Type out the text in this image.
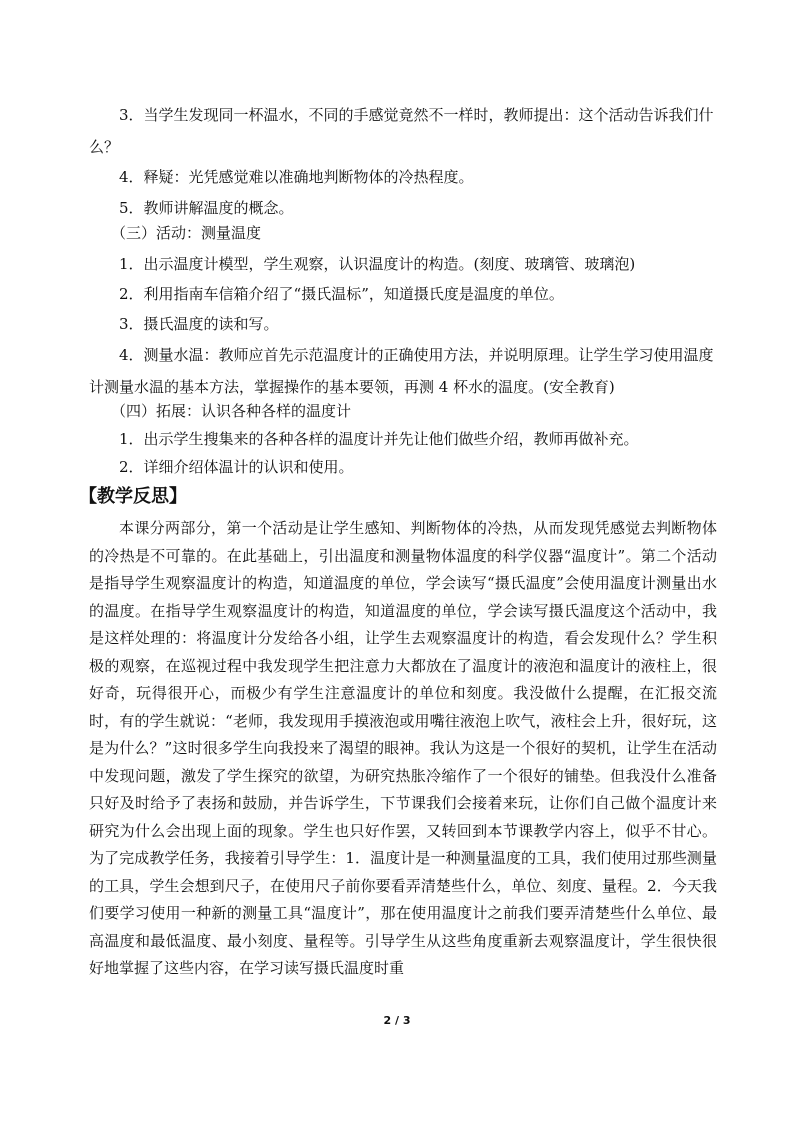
3．当学生发现同一杯温水，不同的手感觉竟然不一样时，教师提出：这个活动告诉我们什么？

4．释疑：光凭感觉难以准确地判断物体的冷热程度。

5．教师讲解温度的概念。

（三）活动：测量温度

1．出示温度计模型，学生观察，认识温度计的构造。(刻度、玻璃管、玻璃泡)

2．利用指南车信箱介绍了“摄氏温标”，知道摄氏度是温度的单位。

3．摄氏温度的读和写。

4．测量水温：教师应首先示范温度计的正确使用方法，并说明原理。让学生学习使用温度计测量水温的基本方法，掌握操作的基本要领，再测 4 杯水的温度。(安全教育)

（四）拓展：认识各种各样的温度计

1．出示学生搜集来的各种各样的温度计并先让他们做些介绍，教师再做补充。

2．详细介绍体温计的认识和使用。

【教学反思】

本课分两部分，第一个活动是让学生感知、判断物体的冷热，从而发现凭感觉去判断物体的冷热是不可靠的。在此基础上，引出温度和测量物体温度的科学仪器“温度计”。第二个活动是指导学生观察温度计的构造，知道温度的单位，学会读写“摄氏温度”会使用温度计测量出水的温度。在指导学生观察温度计的构造，知道温度的单位，学会读写摄氏温度这个活动中，我是这样处理的：将温度计分发给各小组，让学生去观察温度计的构造，看会发现什么？学生积极的观察，在巡视过程中我发现学生把注意力大都放在了温度计的液泡和温度计的液柱上，很好奇，玩得很开心，而极少有学生注意温度计的单位和刻度。我没做什么提醒，在汇报交流时，有的学生就说：“老师，我发现用手摸液泡或用嘴往液泡上吹气，液柱会上升，很好玩，这是为什么？”这时很多学生向我投来了渴望的眼神。我认为这是一个很好的契机，让学生在活动中发现问题，激发了学生探究的欲望，为研究热胀冷缩作了一个很好的铺垫。但我没什么准备只好及时给予了表扬和鼓励，并告诉学生，下节课我们会接着来玩，让你们自己做个温度计来研究为什么会出现上面的现象。学生也只好作罢，又转回到本节课教学内容上，似乎不甘心。为了完成教学任务，我接着引导学生：1．温度计是一种测量温度的工具，我们使用过那些测量的工具，学生会想到尺子，在使用尺子前你要看弄清楚些什么，单位、刻度、量程。2．今天我们要学习使用一种新的测量工具“温度计”，那在使用温度计之前我们要弄清楚些什么单位、最高温度和最低温度、最小刻度、量程等。引导学生从这些角度重新去观察温度计，学生很快很好地掌握了这些内容，在学习读写摄氏温度时重

2 / 3
